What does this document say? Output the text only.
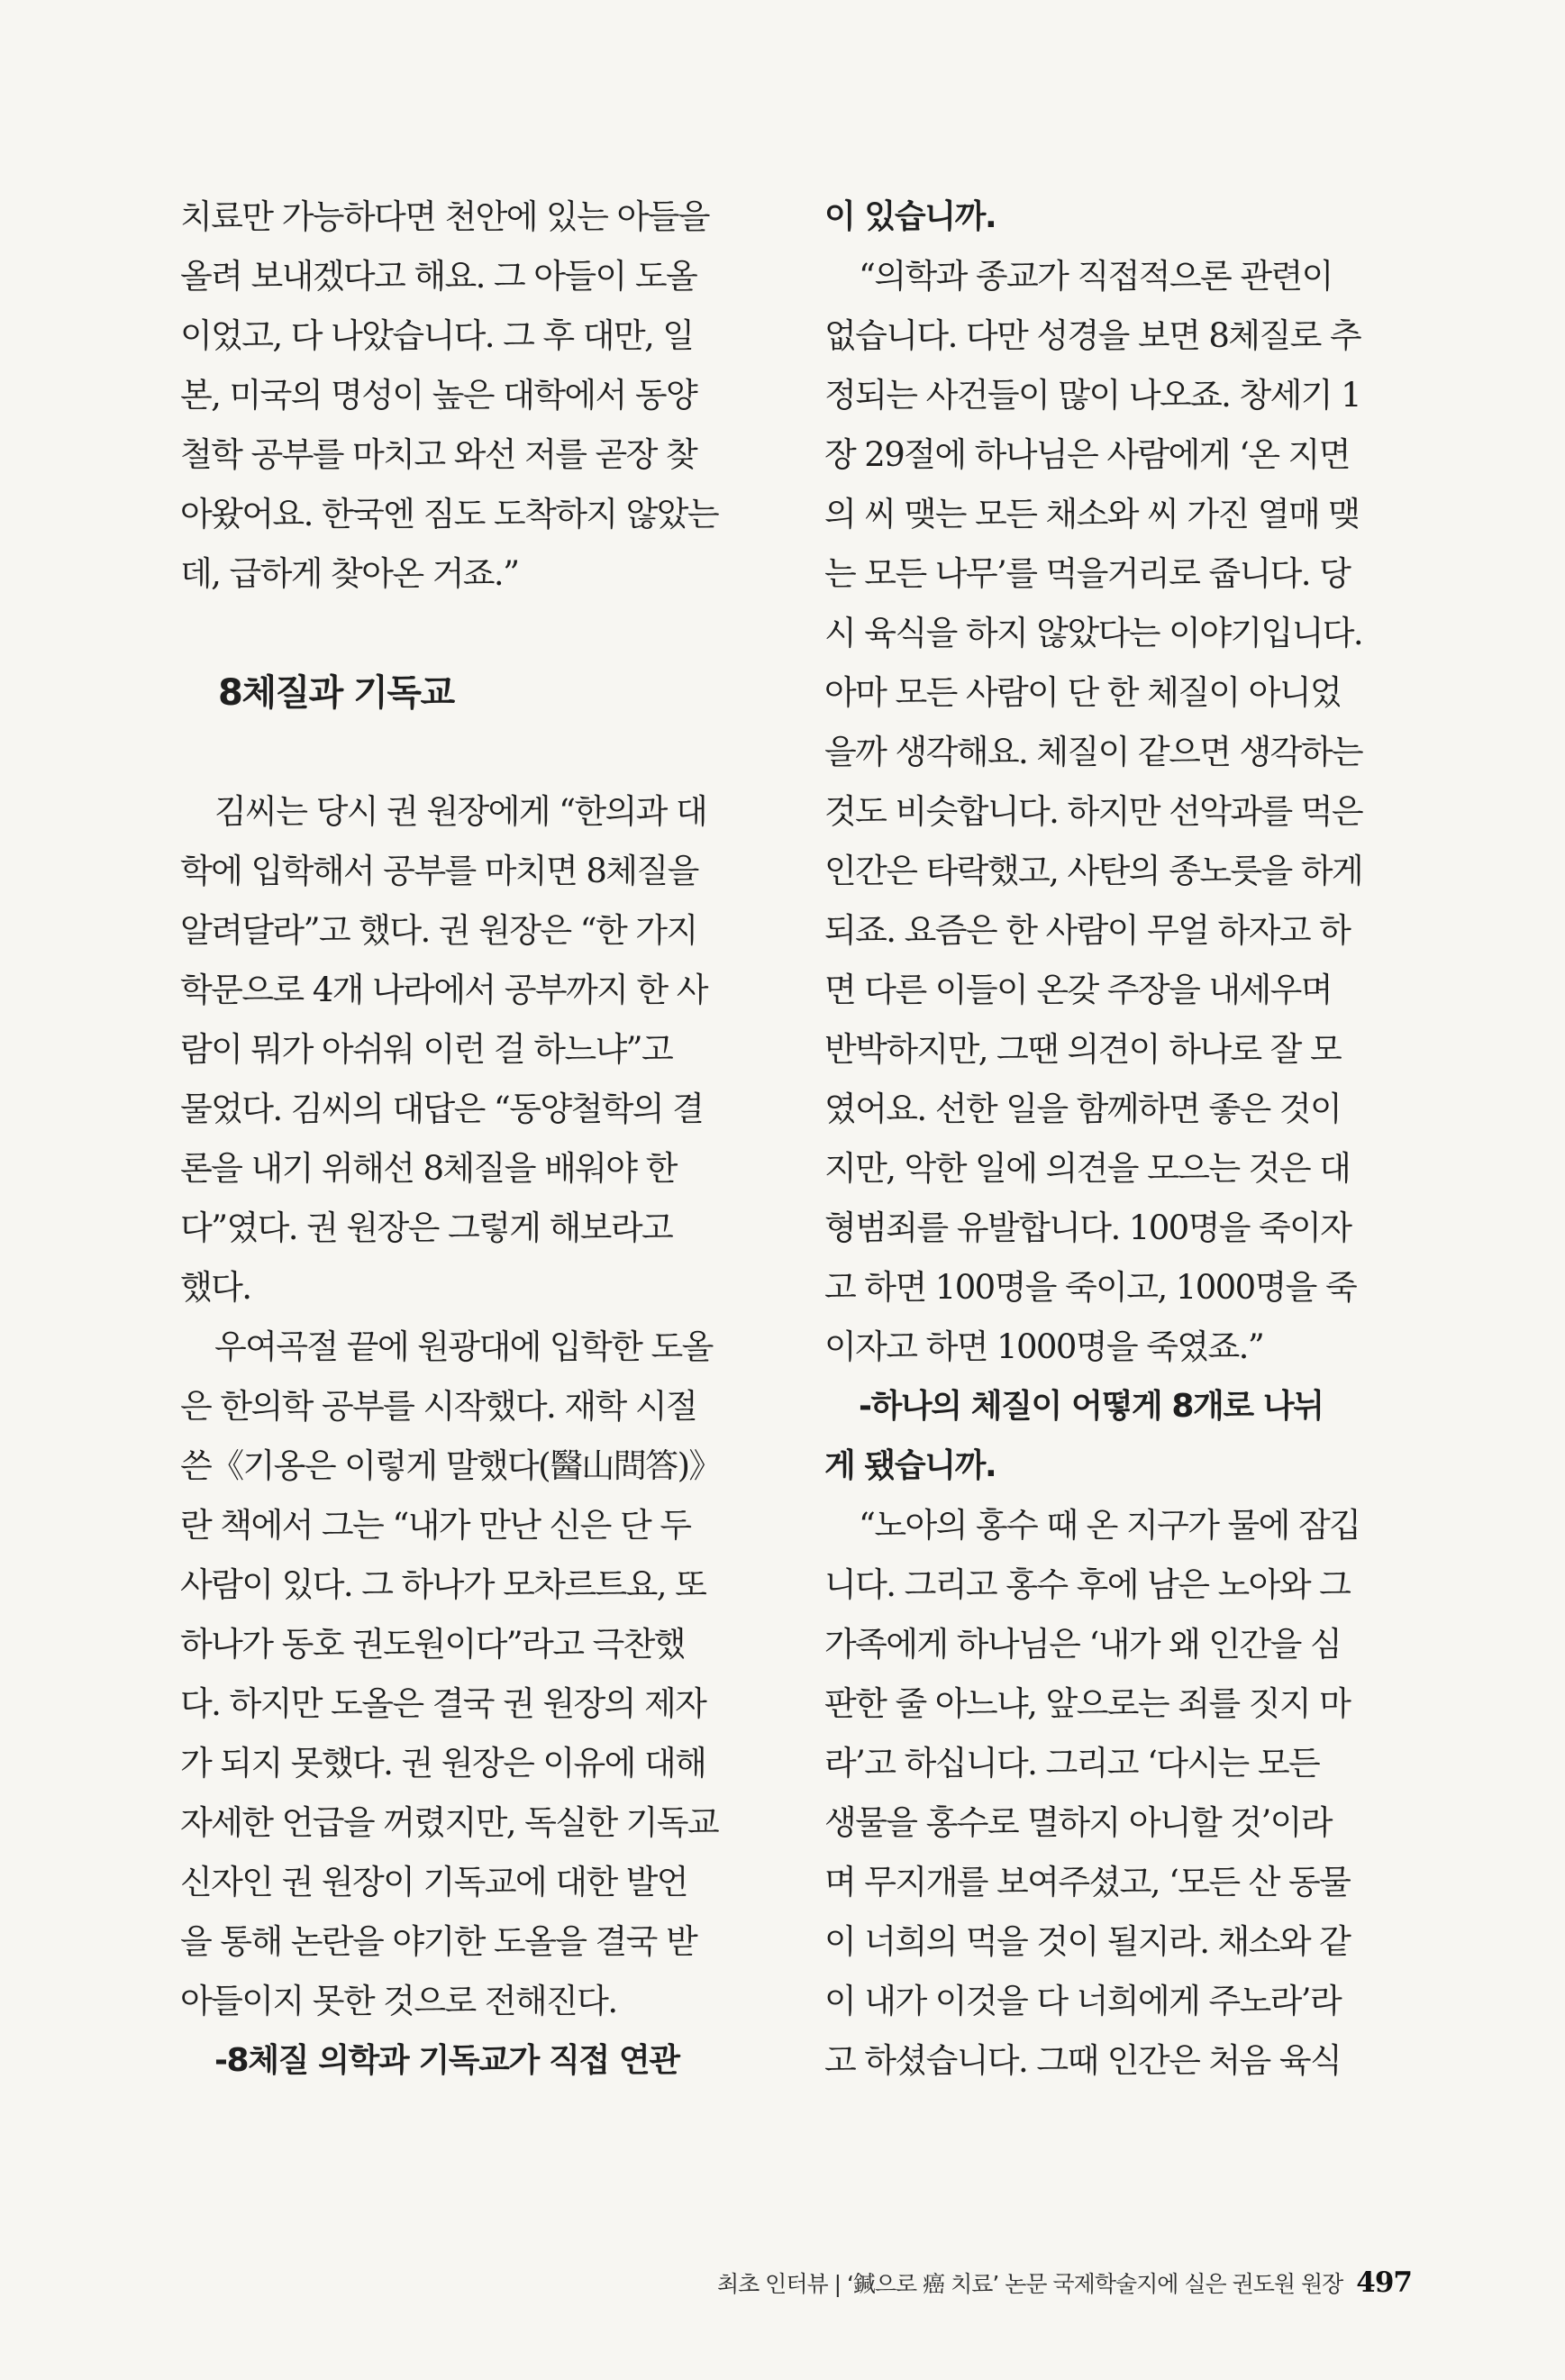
치료만 가능하다면 천안에 있는 아들을
올려 보내겠다고 해요. 그 아들이 도올
이었고, 다 나았습니다. 그 후 대만, 일
본, 미국의 명성이 높은 대학에서 동양
철학 공부를 마치고 와선 저를 곧장 찾
아왔어요. 한국엔 짐도 도착하지 않았는
데, 급하게 찾아온 거죠.”
8체질과 기독교
김씨는 당시 권 원장에게 “한의과 대
학에 입학해서 공부를 마치면 8체질을
알려달라”고 했다. 권 원장은 “한 가지
학문으로 4개 나라에서 공부까지 한 사
람이 뭐가 아쉬워 이런 걸 하느냐”고
물었다. 김씨의 대답은 “동양철학의 결
론을 내기 위해선 8체질을 배워야 한
다”였다. 권 원장은 그렇게 해보라고
했다.
우여곡절 끝에 원광대에 입학한 도올
은 한의학 공부를 시작했다. 재학 시절
쓴《기옹은 이렇게 말했다(醫山問答)》
란 책에서 그는 “내가 만난 신은 단 두
사람이 있다. 그 하나가 모차르트요, 또
하나가 동호 권도원이다”라고 극찬했
다. 하지만 도올은 결국 권 원장의 제자
가 되지 못했다. 권 원장은 이유에 대해
자세한 언급을 꺼렸지만, 독실한 기독교
신자인 권 원장이 기독교에 대한 발언
을 통해 논란을 야기한 도올을 결국 받
아들이지 못한 것으로 전해진다.
-8체질 의학과 기독교가 직접 연관
이 있습니까.
“의학과 종교가 직접적으론 관련이
없습니다. 다만 성경을 보면 8체질로 추
정되는 사건들이 많이 나오죠. 창세기 1
장 29절에 하나님은 사람에게 ‘온 지면
의 씨 맺는 모든 채소와 씨 가진 열매 맺
는 모든 나무’를 먹을거리로 줍니다. 당
시 육식을 하지 않았다는 이야기입니다.
아마 모든 사람이 단 한 체질이 아니었
을까 생각해요. 체질이 같으면 생각하는
것도 비슷합니다. 하지만 선악과를 먹은
인간은 타락했고, 사탄의 종노릇을 하게
되죠. 요즘은 한 사람이 무얼 하자고 하
면 다른 이들이 온갖 주장을 내세우며
반박하지만, 그땐 의견이 하나로 잘 모
였어요. 선한 일을 함께하면 좋은 것이
지만, 악한 일에 의견을 모으는 것은 대
형범죄를 유발합니다. 100명을 죽이자
고 하면 100명을 죽이고, 1000명을 죽
이자고 하면 1000명을 죽였죠.”
-하나의 체질이 어떻게 8개로 나뉘
게 됐습니까.
“노아의 홍수 때 온 지구가 물에 잠깁
니다. 그리고 홍수 후에 남은 노아와 그
가족에게 하나님은 ‘내가 왜 인간을 심
판한 줄 아느냐, 앞으로는 죄를 짓지 마
라’고 하십니다. 그리고 ‘다시는 모든
생물을 홍수로 멸하지 아니할 것’이라
며 무지개를 보여주셨고, ‘모든 산 동물
이 너희의 먹을 것이 될지라. 채소와 같
이 내가 이것을 다 너희에게 주노라’라
고 하셨습니다. 그때 인간은 처음 육식
최초 인터뷰 | ‘鍼으로 癌 치료’ 논문 국제학술지에 실은 권도원 원장 497
